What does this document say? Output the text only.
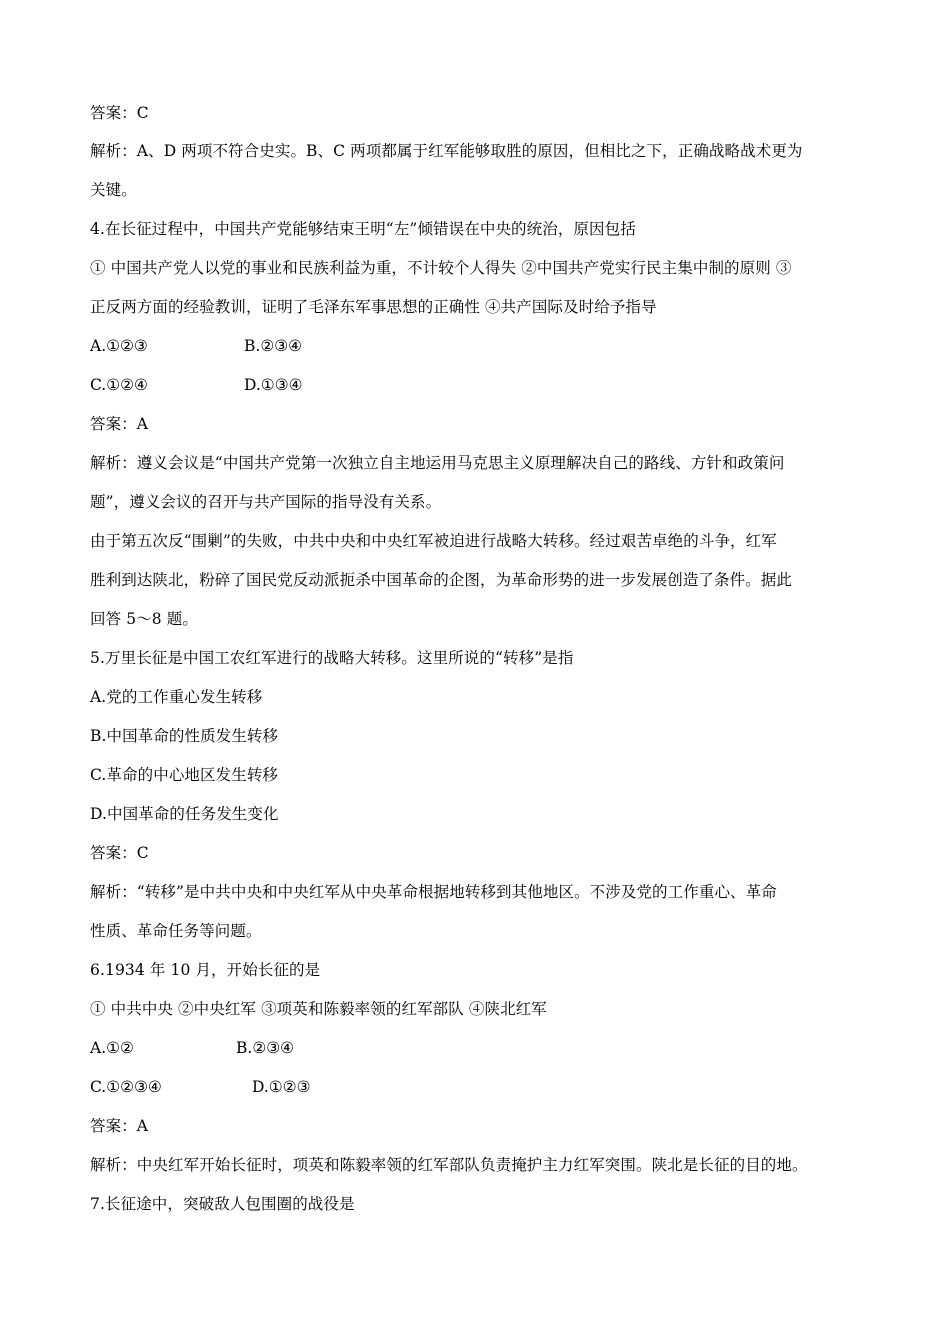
答案：C
解析：A、D 两项不符合史实。B、C 两项都属于红军能够取胜的原因，但相比之下，正确战略战术更为
关键。
4.在长征过程中，中国共产党能够结束王明“左”倾错误在中央的统治，原因包括
① 中国共产党人以党的事业和民族利益为重，不计较个人得失 ②中国共产党实行民主集中制的原则 ③
正反两方面的经验教训，证明了毛泽东军事思想的正确性 ④共产国际及时给予指导
A.①②③	B.②③④
C.①②④	D.①③④
答案：A
解析：遵义会议是“中国共产党第一次独立自主地运用马克思主义原理解决自己的路线、方针和政策问
题”，遵义会议的召开与共产国际的指导没有关系。
由于第五次反“围剿”的失败，中共中央和中央红军被迫进行战略大转移。经过艰苦卓绝的斗争，红军
胜利到达陕北，粉碎了国民党反动派扼杀中国革命的企图，为革命形势的进一步发展创造了条件。据此
回答 5～8 题。
5.万里长征是中国工农红军进行的战略大转移。这里所说的“转移”是指
A.党的工作重心发生转移
B.中国革命的性质发生转移
C.革命的中心地区发生转移
D.中国革命的任务发生变化
答案：C
解析：“转移”是中共中央和中央红军从中央革命根据地转移到其他地区。不涉及党的工作重心、革命
性质、革命任务等问题。
6.1934 年 10 月，开始长征的是
① 中共中央 ②中央红军 ③项英和陈毅率领的红军部队 ④陕北红军
A.①②	B.②③④
C.①②③④	D.①②③
答案：A
解析：中央红军开始长征时，项英和陈毅率领的红军部队负责掩护主力红军突围。陕北是长征的目的地。
7.长征途中，突破敌人包围圈的战役是
